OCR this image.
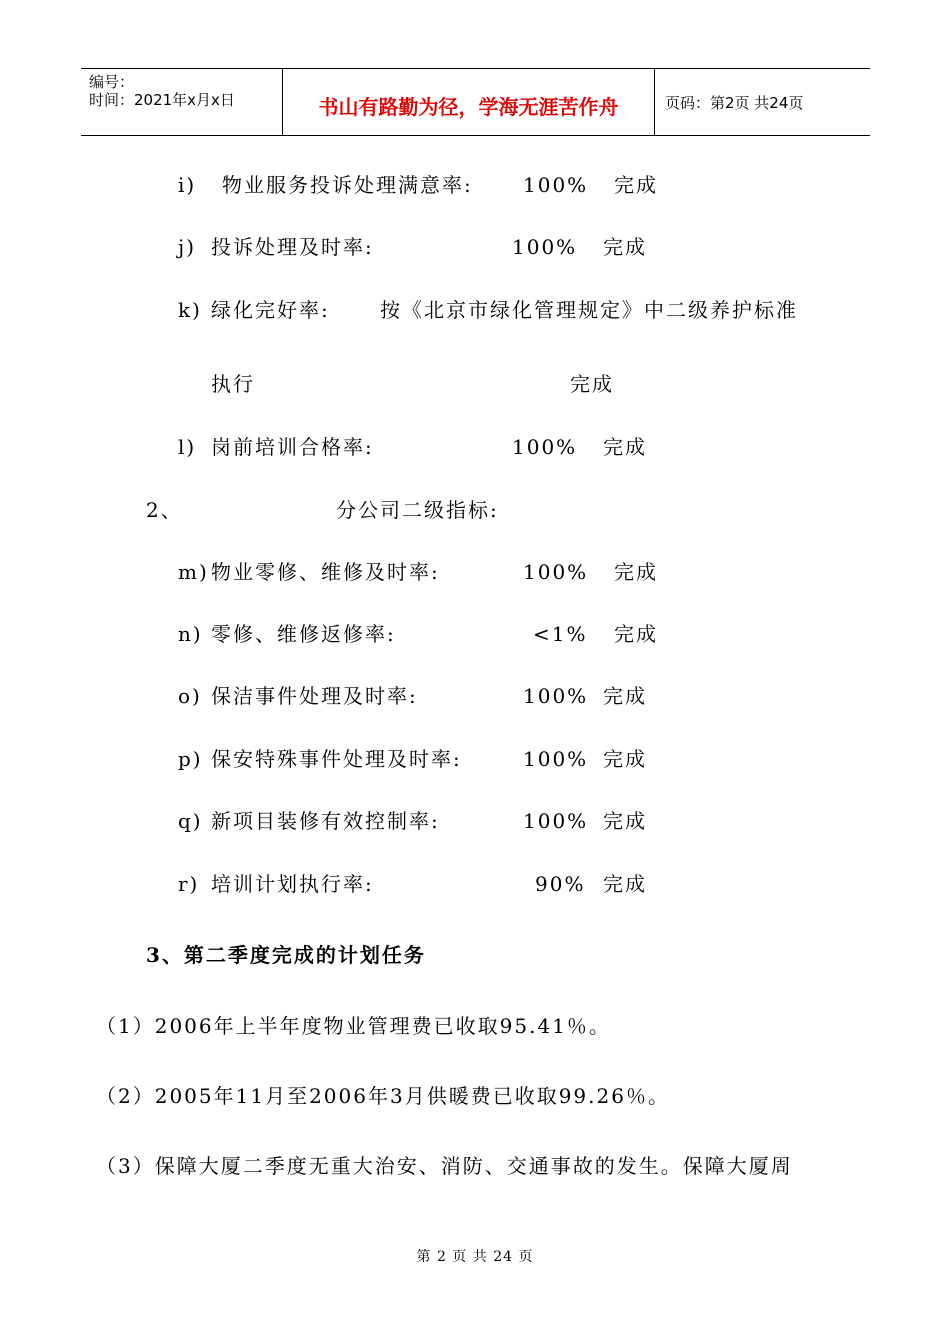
编号：
时间：2021年x月x日	书山有路勤为径，学海无涯苦作舟	页码：第2页 共24页
i) 物业服务投诉处理满意率:	100% 完成
j) 投诉处理及时率:	100% 完成
k) 绿化完好率:	按《北京市绿化管理规定》中二级养护标准
执行	完成
l) 岗前培训合格率:	100% 完成
2、	分公司二级指标:
m) 物业零修、维修及时率:	100% 完成
n) 零修、维修返修率:	<1% 完成
o) 保洁事件处理及时率:	100% 完成
p) 保安特殊事件处理及时率:	100% 完成
q) 新项目装修有效控制率:	100% 完成
r) 培训计划执行率:	90% 完成
3、第二季度完成的计划任务
（1）2006年上半年度物业管理费已收取95.41％。
（2）2005年11月至2006年3月供暖费已收取99.26％。
（3）保障大厦二季度无重大治安、消防、交通事故的发生。保障大厦周
第 2 页 共 24 页
